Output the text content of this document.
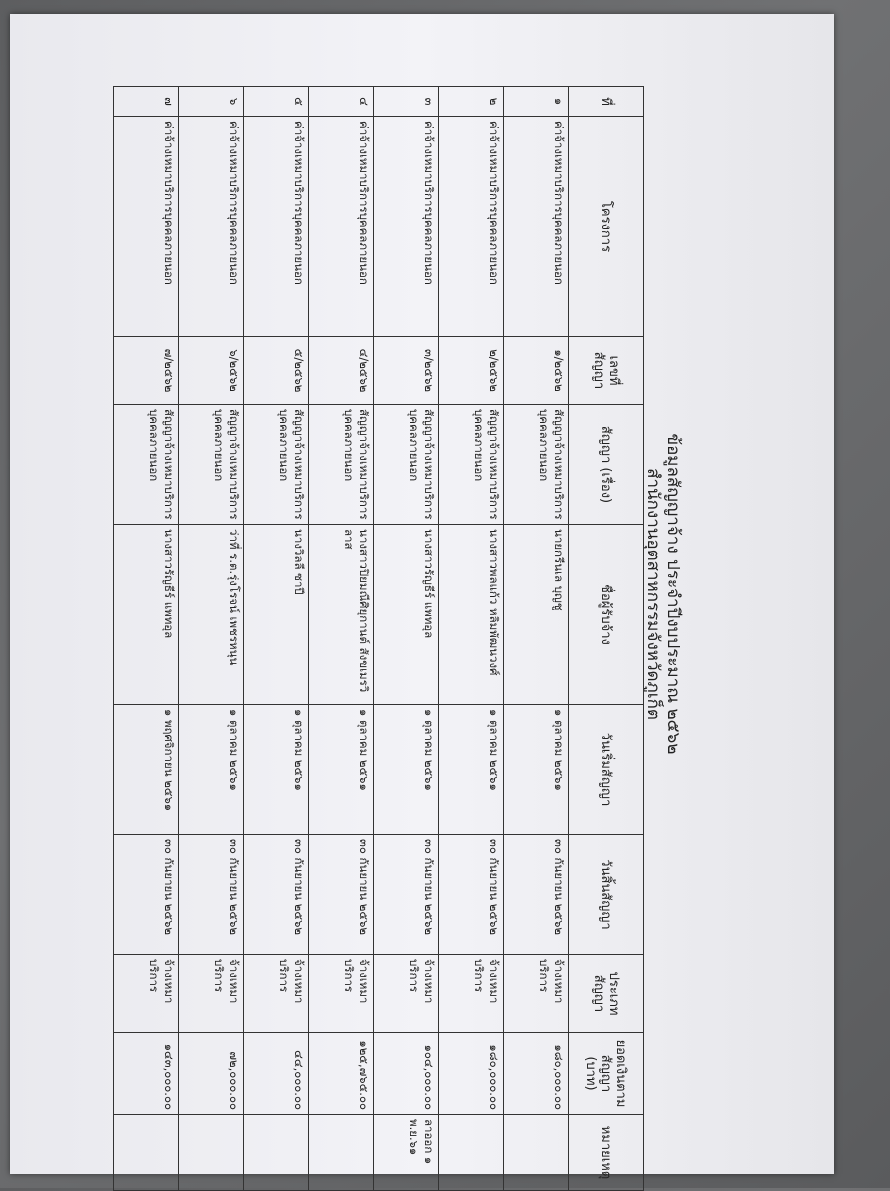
ข้อมูลสัญญาจ้าง ประจำปีงบประมาณ ๒๕๖๒
สำนักงานอุตสาหกรรมจังหวัดภูเก็ต
ที่	โครงการ	เลขที่ สัญญา	สัญญา (เรื่อง)	ชื่อผู้รับจ้าง	วันเริ่มสัญญา	วันสิ้นสัญญา	ประเภท สัญญา	ยอดเงินตาม สัญญา (บาท)	หมายเหตุ
๑	ค่าจ้างเหมาบริการบุคคลภายนอก	๑/๒๕๖๒	สัญญาจ้างเหมาบริการ บุคคลภายนอก	นายกรีนเล บุญชู	๑ ตุลาคม ๒๕๖๑	๓๐ กันยายน ๒๕๖๒	จ้างเหมาบริการ	๑๘๐,๐๐๐.๐๐	
๒	ค่าจ้างเหมาบริการบุคคลภายนอก	๒/๒๕๖๒	สัญญาจ้างเหมาบริการ บุคคลภายนอก	นางสาวพลแก้ว หลิมพัฒนวงศ์	๑ ตุลาคม ๒๕๖๑	๓๐ กันยายน ๒๕๖๒	จ้างเหมาบริการ	๑๘๐,๐๐๐.๐๐	
๓	ค่าจ้างเหมาบริการบุคคลภายนอก	๓/๒๕๖๒	สัญญาจ้างเหมาบริการ บุคคลภายนอก	นางสาวรัญธีร์ แพทอุล	๑ ตุลาคม ๒๕๖๑	๓๐ กันยายน ๒๕๖๒	จ้างเหมาบริการ	๑๐๔,๐๐๐.๐๐	ลาออก ๑ พ.ย.๖๑
๔	ค่าจ้างเหมาบริการบุคคลภายนอก	๔/๒๕๖๒	สัญญาจ้างเหมาบริการ บุคคลภายนอก	นางสาวปิยมณีศิยุกานต์ สังขเมรวิลาส	๑ ตุลาคม ๒๕๖๑	๓๐ กันยายน ๒๕๖๒	จ้างเหมาบริการ	๑๒๕,๗๖๕.๐๐	
๕	ค่าจ้างเหมาบริการบุคคลภายนอก	๕/๒๕๖๒	สัญญาจ้างเหมาบริการ บุคคลภายนอก	นางวิลลี ซาปี	๑ ตุลาคม ๒๕๖๑	๓๐ กันยายน ๒๕๖๒	จ้างเหมาบริการ	๔๔,๐๐๐.๐๐	
๖	ค่าจ้างเหมาบริการบุคคลภายนอก	๖/๒๕๖๒	สัญญาจ้างเหมาบริการ บุคคลภายนอก	ว่าที่ ร.ต.รุ่งโรจน์ เพชรหนุน	๑ ตุลาคม ๒๕๖๑	๓๐ กันยายน ๒๕๖๒	จ้างเหมาบริการ	๗๒,๐๐๐.๐๐	
๗	ค่าจ้างเหมาบริการบุคคลภายนอก	๗/๒๕๖๒	สัญญาจ้างเหมาบริการ บุคคลภายนอก	นางสาวรัญธีร์ แพทอุล	๑ พฤศจิกายน ๒๕๖๑	๓๐ กันยายน ๒๕๖๒	จ้างเหมาบริการ	๑๔๓,๐๐๐.๐๐	
